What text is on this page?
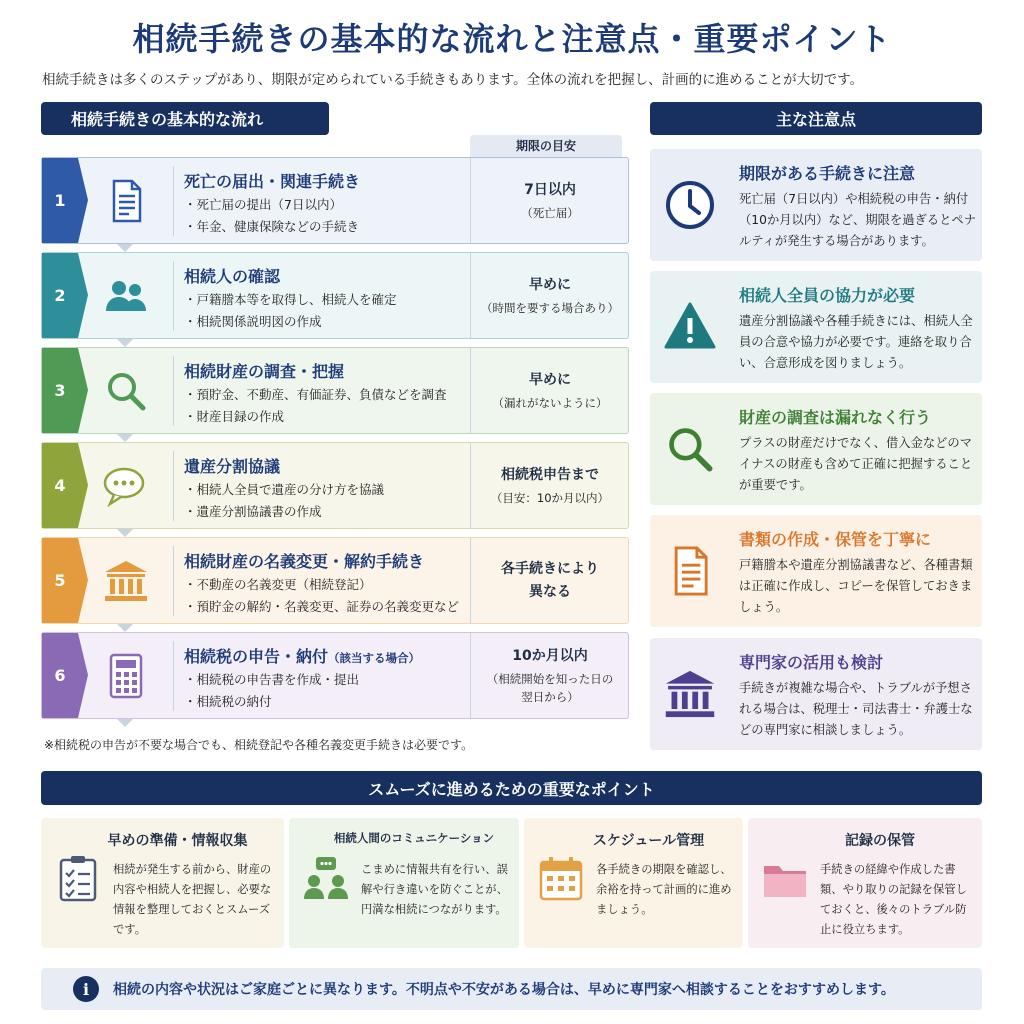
相続手続きの基本的な流れと注意点・重要ポイント
相続手続きは多くのステップがあり、期限が定められている手続きもあります。全体の流れを把握し、計画的に進めることが大切です。
相続手続きの基本的な流れ
期限の目安
主な注意点
1
死亡の届出・関連手続き
・死亡届の提出（7日以内）
・年金、健康保険などの手続き
7日以内
（死亡届）
2
相続人の確認
・戸籍謄本等を取得し、相続人を確定
・相続関係説明図の作成
早めに
（時間を要する場合あり）
3
相続財産の調査・把握
・預貯金、不動産、有価証券、負債などを調査
・財産目録の作成
早めに
（漏れがないように）
4
遺産分割協議
・相続人全員で遺産の分け方を協議
・遺産分割協議書の作成
相続税申告まで
（目安：10か月以内）
5
相続財産の名義変更・解約手続き
・不動産の名義変更（相続登記）
・預貯金の解約・名義変更、証券の名義変更など
各手続きにより
異なる
6
相続税の申告・納付（該当する場合）
・相続税の申告書を作成・提出
・相続税の納付
10か月以内
（相続開始を知った日の
翌日から）
※相続税の申告が不要な場合でも、相続登記や各種名義変更手続きは必要です。
期限がある手続きに注意
死亡届（7日以内）や相続税の申告・納付（10か月以内）など、期限を過ぎるとペナルティが発生する場合があります。
相続人全員の協力が必要
遺産分割協議や各種手続きには、相続人全員の合意や協力が必要です。連絡を取り合い、合意形成を図りましょう。
財産の調査は漏れなく行う
プラスの財産だけでなく、借入金などのマイナスの財産も含めて正確に把握することが重要です。
書類の作成・保管を丁寧に
戸籍謄本や遺産分割協議書など、各種書類は正確に作成し、コピーを保管しておきましょう。
専門家の活用も検討
手続きが複雑な場合や、トラブルが予想される場合は、税理士・司法書士・弁護士などの専門家に相談しましょう。
スムーズに進めるための重要なポイント
早めの準備・情報収集
相続が発生する前から、財産の内容や相続人を把握し、必要な情報を整理しておくとスムーズです。
相続人間のコミュニケーション
こまめに情報共有を行い、誤解や行き違いを防ぐことが、円満な相続につながります。
スケジュール管理
各手続きの期限を確認し、余裕を持って計画的に進めましょう。
記録の保管
手続きの経緯や作成した書類、やり取りの記録を保管しておくと、後々のトラブル防止に役立ちます。
i	相続の内容や状況はご家庭ごとに異なります。不明点や不安がある場合は、早めに専門家へ相談することをおすすめします。
